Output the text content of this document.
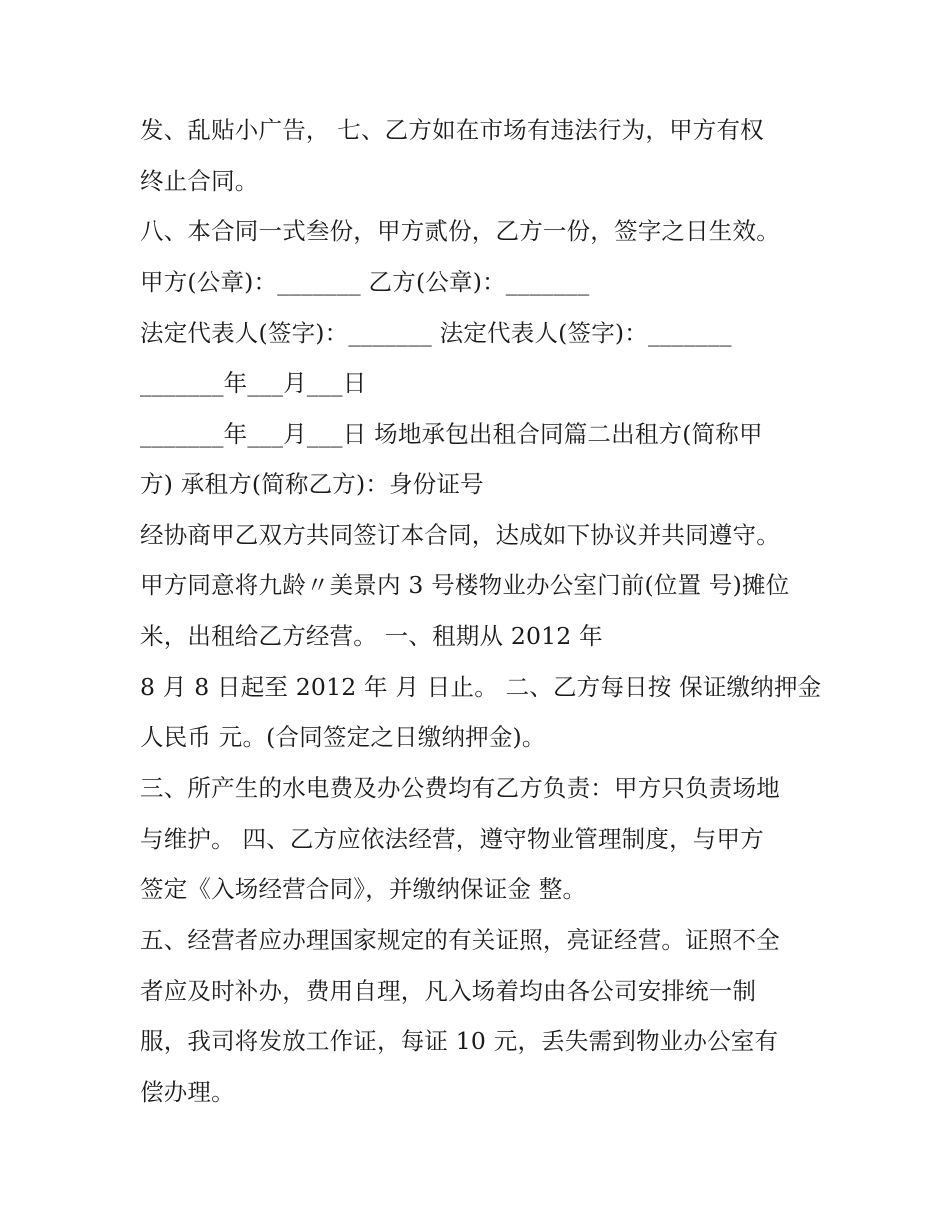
发、乱贴小广告， 七、乙方如在市场有违法行为，甲方有权
终止合同。
八、本合同一式叁份，甲方贰份，乙方一份，签字之日生效。
甲方(公章)：_______ 乙方(公章)：_______
法定代表人(签字)：_______ 法定代表人(签字)：_______
_______年___月___日
_______年___月___日 场地承包出租合同篇二出租方(简称甲
方) 承租方(简称乙方)：身份证号
经协商甲乙双方共同签订本合同，达成如下协议并共同遵守。
甲方同意将九龄〃美景内 3 号楼物业办公室门前(位置 号)摊位
米，出租给乙方经营。 一、租期从 2012 年
8 月 8 日起至 2012 年 月 日止。 二、乙方每日按 保证缴纳押金
人民币 元。(合同签定之日缴纳押金)。
三、所产生的水电费及办公费均有乙方负责：甲方只负责场地
与维护。 四、乙方应依法经营，遵守物业管理制度，与甲方
签定《入场经营合同》，并缴纳保证金 整。
五、经营者应办理国家规定的有关证照，亮证经营。证照不全
者应及时补办，费用自理，凡入场着均由各公司安排统一制
服，我司将发放工作证，每证 10 元，丢失需到物业办公室有
偿办理。
